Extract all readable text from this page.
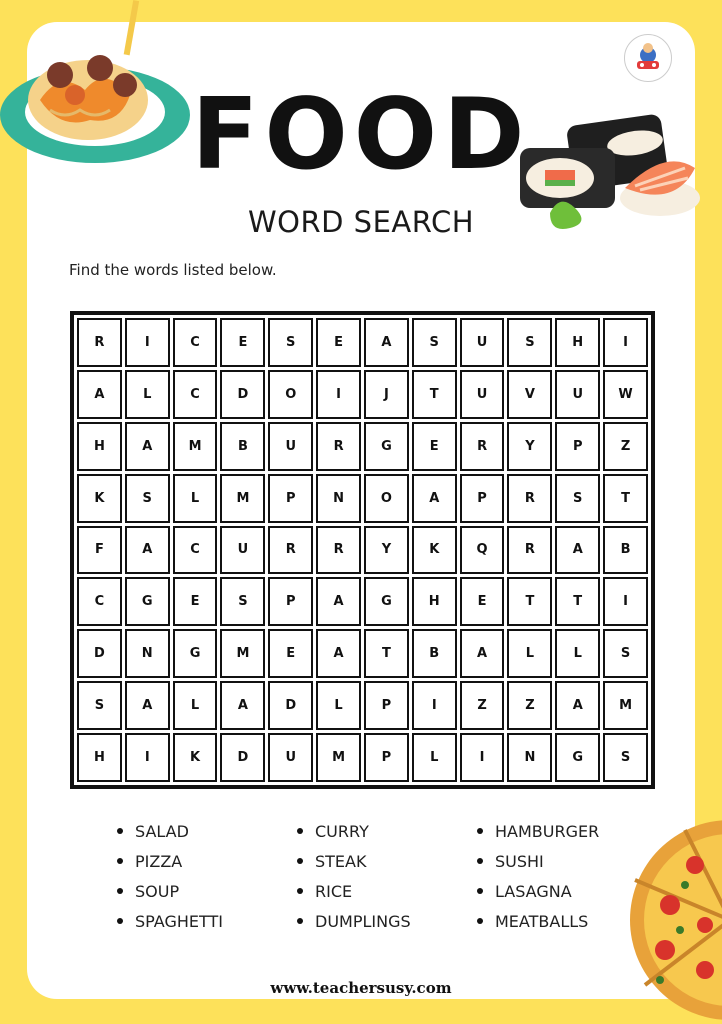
FOOD
WORD SEARCH
Find the words listed below.
R	I	C	E	S	E	A	S	U	S	H	I
A	L	C	D	O	I	J	T	U	V	U	W
H	A	M	B	U	R	G	E	R	Y	P	Z
K	S	L	M	P	N	O	A	P	R	S	T
F	A	C	U	R	R	Y	K	Q	R	A	B
C	G	E	S	P	A	G	H	E	T	T	I
D	N	G	M	E	A	T	B	A	L	L	S
S	A	L	A	D	L	P	I	Z	Z	A	M
H	I	K	D	U	M	P	L	I	N	G	S
SALAD	CURRY	HAMBURGER
PIZZA	STEAK	SUSHI
SOUP	RICE	LASAGNA
SPAGHETTI	DUMPLINGS	MEATBALLS
www.teachersusy.com
